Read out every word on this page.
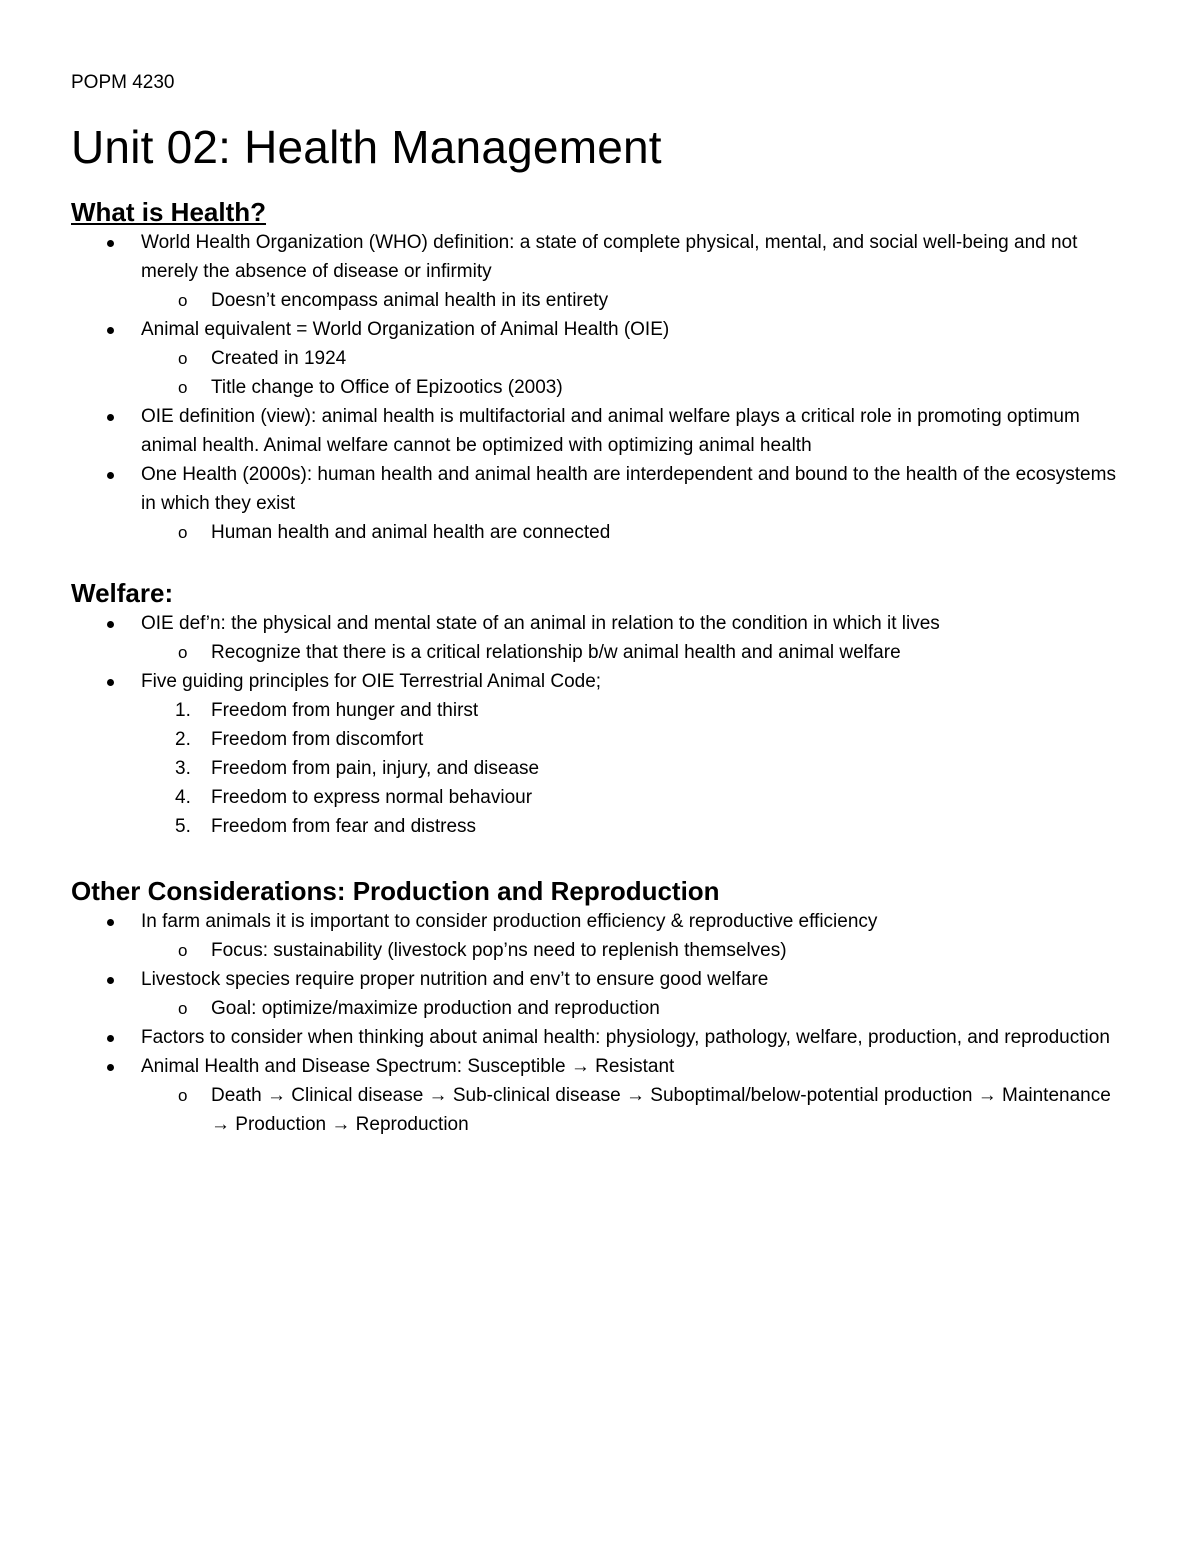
POPM 4230

Unit 02: Health Management
What is Health?
World Health Organization (WHO) definition: a state of complete physical, mental, and social well-being and not merely the absence of disease or infirmity
o Doesn’t encompass animal health in its entirety
Animal equivalent = World Organization of Animal Health (OIE)
o Created in 1924
o Title change to Office of Epizootics (2003)
OIE definition (view): animal health is multifactorial and animal welfare plays a critical role in promoting optimum animal health. Animal welfare cannot be optimized with optimizing animal health
One Health (2000s): human health and animal health are interdependent and bound to the health of the ecosystems in which they exist
o Human health and animal health are connected
Welfare:
OIE def’n: the physical and mental state of an animal in relation to the condition in which it lives
o Recognize that there is a critical relationship b/w animal health and animal welfare
Five guiding principles for OIE Terrestrial Animal Code;
1. Freedom from hunger and thirst
2. Freedom from discomfort
3. Freedom from pain, injury, and disease
4. Freedom to express normal behaviour
5. Freedom from fear and distress
Other Considerations: Production and Reproduction
In farm animals it is important to consider production efficiency & reproductive efficiency
o Focus: sustainability (livestock pop’ns need to replenish themselves)
Livestock species require proper nutrition and env’t to ensure good welfare
o Goal: optimize/maximize production and reproduction
Factors to consider when thinking about animal health: physiology, pathology, welfare, production, and reproduction
Animal Health and Disease Spectrum: Susceptible → Resistant
o Death → Clinical disease → Sub-clinical disease → Suboptimal/below-potential production → Maintenance → Production → Reproduction
